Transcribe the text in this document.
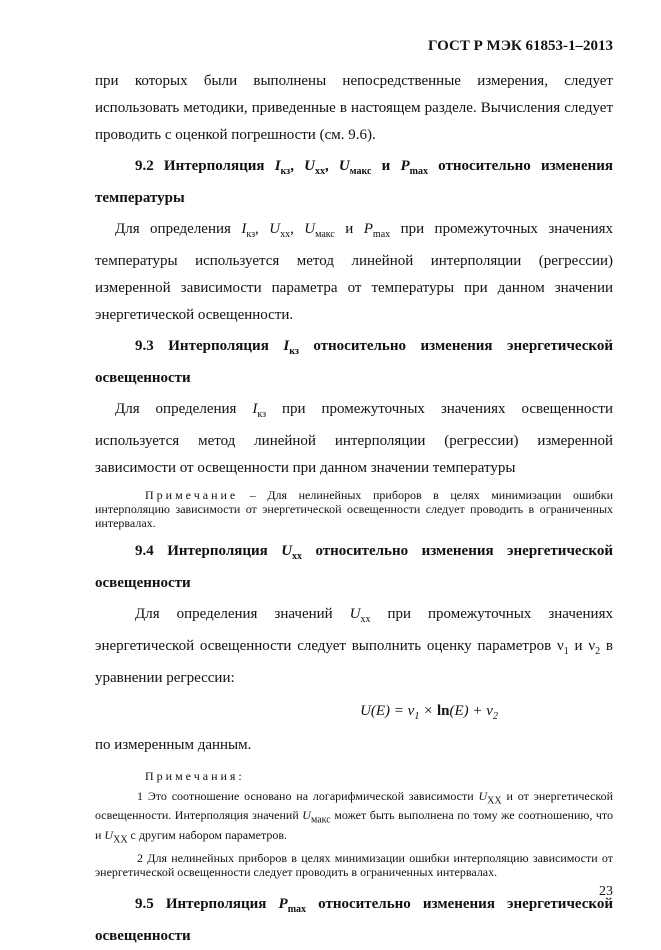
ГОСТ Р МЭК 61853-1–2013

при которых были выполнены непосредственные измерения, следует использовать методики, приведенные в настоящем разделе. Вычисления следует проводить с оценкой погрешности (см. 9.6).

9.2 Интерполяция $I_{кз}$, $U_{хх}$, $U_{макс}$ и $P_{max}$ относительно изменения температуры

Для определения $I_{кз}$, $U_{хх}$, $U_{макс}$ и $P_{max}$ при промежуточных значениях температуры используется метод линейной интерполяции (регрессии) измеренной зависимости параметра от температуры при данном значении энергетической освещенности.

9.3 Интерполяция $I_{кз}$ относительно изменения энергетической освещенности

Для определения $I_{кз}$ при промежуточных значениях освещенности используется метод линейной интерполяции (регрессии) измеренной зависимости от освещенности при данном значении температуры

Примечание – Для нелинейных приборов в целях минимизации ошибки интерполяцию зависимости от энергетической освещенности следует проводить в ограниченных интервалах.

9.4 Интерполяция $U_{хх}$ относительно изменения энергетической освещенности

Для определения значений $U_{хх}$ при промежуточных значениях энергетической освещенности следует выполнить оценку параметров $\nu_1$ и $\nu_2$ в уравнении регрессии:

$U(E) = \nu_1 \times \ln(E) + \nu_2$

по измеренным данным.

Примечания:

1 Это соотношение основано на логарифмической зависимости $U_{XX}$ и от энергетической освещенности. Интерполяция значений $U_{макс}$ может быть выполнена по тому же соотношению, что и $U_{XX}$ с другим набором параметров.

2 Для нелинейных приборов в целях минимизации ошибки интерполяцию зависимости от энергетической освещенности следует проводить в ограниченных интервалах.

9.5 Интерполяция $P_{max}$ относительно изменения энергетической освещенности

23
